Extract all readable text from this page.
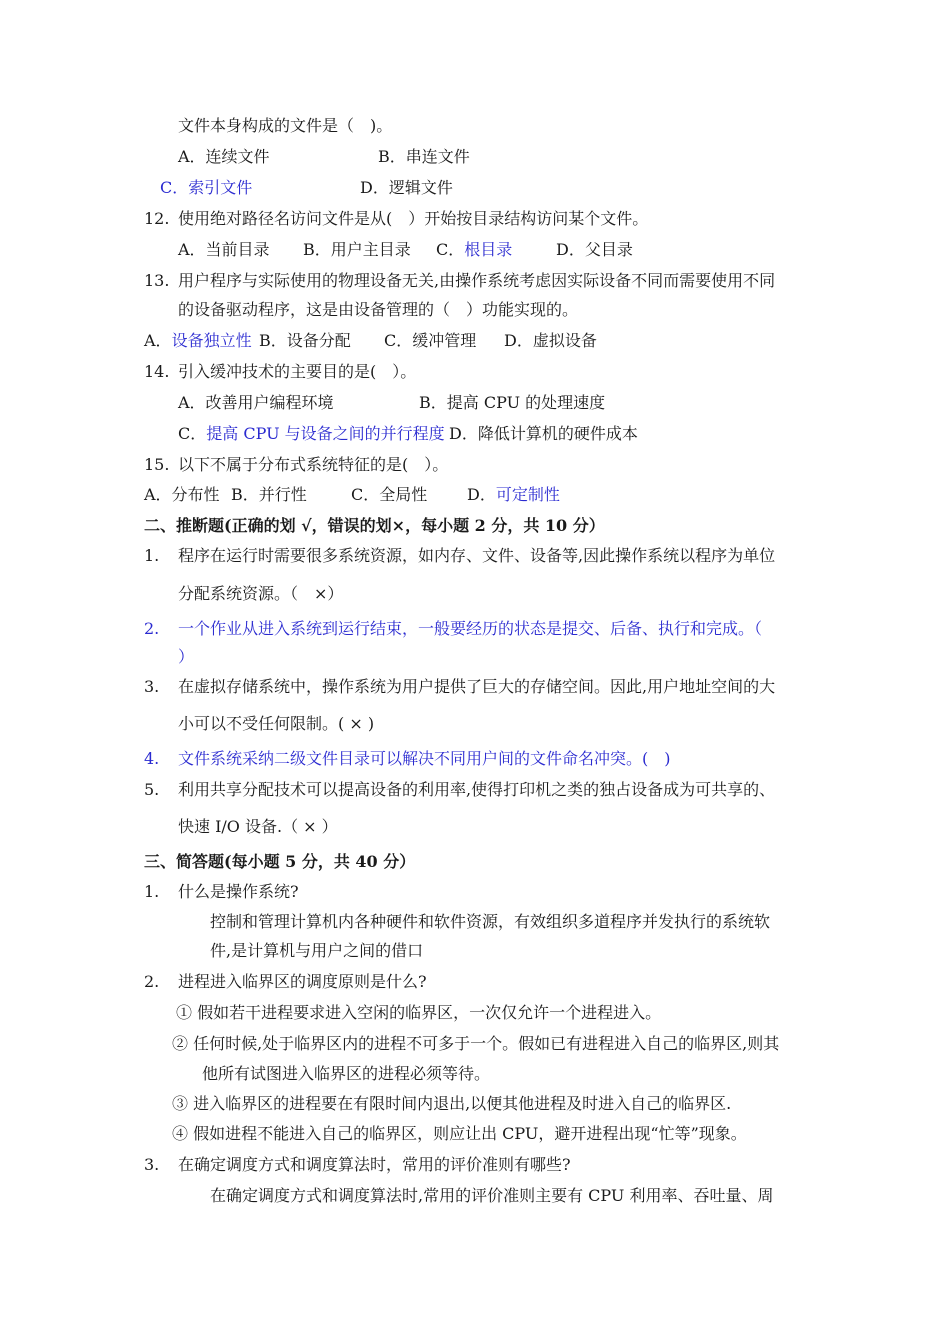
文件本身构成的文件是（　)。
A．连续文件	B．串连文件
C．索引文件	D．逻辑文件
12. 使用绝对路径名访问文件是从(　）开始按目录结构访问某个文件。
A．当前目录 B．用户主目录 C．根目录	D．父目录
13. 用户程序与实际使用的物理设备无关,由操作系统考虑因实际设备不同而需要使用不同
的设备驱动程序，这是由设备管理的（　）功能实现的。
A．设备独立性 B．设备分配 C．缓冲管理 D．虚拟设备
14. 引入缓冲技术的主要目的是(　）。
A．改善用户编程环境	B．提高 CPU 的处理速度
C．提高 CPU 与设备之间的并行程度 D．降低计算机的硬件成本
15. 以下不属于分布式系统特征的是(　）。
A．分布性 B．并行性	C．全局性 D．可定制性
二、推断题(正确的划 √，错误的划×，每小题 2 分，共 10 分）
1. 程序在运行时需要很多系统资源，如内存、文件、设备等,因此操作系统以程序为单位
分配系统资源。（　×）
2. 一个作业从进入系统到运行结束，一般要经历的状态是提交、后备、执行和完成。（
）
3. 在虚拟存储系统中，操作系统为用户提供了巨大的存储空间。因此,用户地址空间的大
小可以不受任何限制。( × )
4. 文件系统采纳二级文件目录可以解决不同用户间的文件命名冲突。(　)
5. 利用共享分配技术可以提高设备的利用率,使得打印机之类的独占设备成为可共享的、
快速 I/O 设备.（ × ）
三、简答题(每小题 5 分，共 40 分）
1. 什么是操作系统?
控制和管理计算机内各种硬件和软件资源，有效组织多道程序并发执行的系统软
件,是计算机与用户之间的借口
2. 进程进入临界区的调度原则是什么?
① 假如若干进程要求进入空闲的临界区，一次仅允许一个进程进入。
② 任何时候,处于临界区内的进程不可多于一个。假如已有进程进入自己的临界区,则其
他所有试图进入临界区的进程必须等待。
③ 进入临界区的进程要在有限时间内退出,以便其他进程及时进入自己的临界区.
④ 假如进程不能进入自己的临界区，则应让出 CPU，避开进程出现“忙等”现象。
3. 在确定调度方式和调度算法时，常用的评价准则有哪些?
在确定调度方式和调度算法时,常用的评价准则主要有 CPU 利用率、吞吐量、周
